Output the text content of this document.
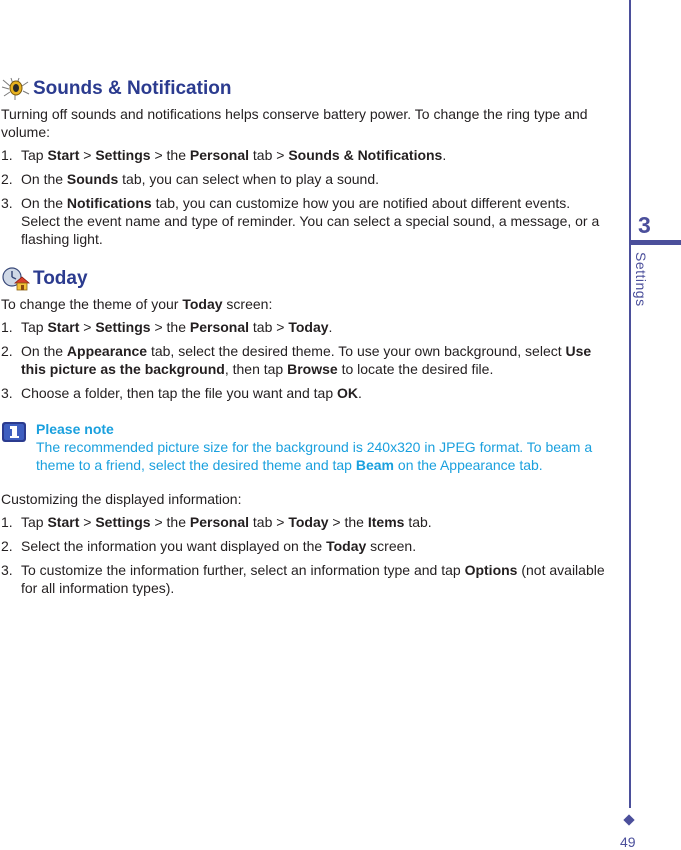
Sounds & Notification

Turning off sounds and notifications helps conserve battery power. To change the ring type and volume:

1. Tap Start > Settings > the Personal tab > Sounds & Notifications.
2. On the Sounds tab, you can select when to play a sound.
3. On the Notifications tab, you can customize how you are notified about different events. Select the event name and type of reminder. You can select a special sound, a message, or a flashing light.
Today

To change the theme of your Today screen:

1. Tap Start > Settings > the Personal tab > Today.
2. On the Appearance tab, select the desired theme. To use your own background, select Use this picture as the background, then tap Browse to locate the desired file.
3. Choose a folder, then tap the file you want and tap OK.
Please note
The recommended picture size for the background is 240x320 in JPEG format. To beam a theme to a friend, select the desired theme and tap Beam on the Appearance tab.

Customizing the displayed information:

1. Tap Start > Settings > the Personal tab > Today > the Items tab.
2. Select the information you want displayed on the Today screen.
3. To customize the information further, select an information type and tap Options (not available for all information types).
3
Settings
49
